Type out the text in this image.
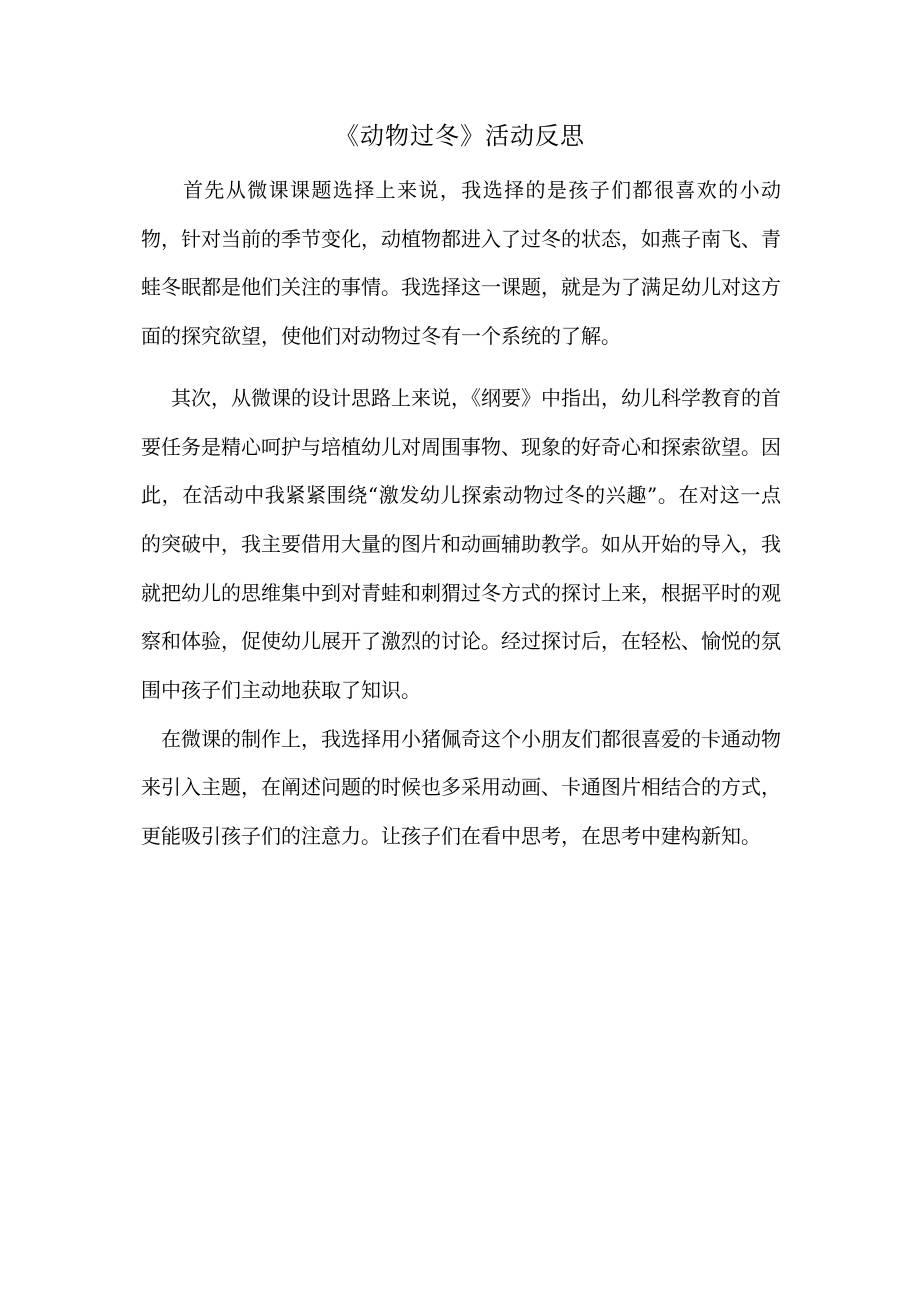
《动物过冬》活动反思

首先从微课课题选择上来说，我选择的是孩子们都很喜欢的小动物，针对当前的季节变化，动植物都进入了过冬的状态，如燕子南飞、青蛙冬眠都是他们关注的事情。我选择这一课题，就是为了满足幼儿对这方面的探究欲望，使他们对动物过冬有一个系统的了解。

其次，从微课的设计思路上来说，《纲要》中指出，幼儿科学教育的首要任务是精心呵护与培植幼儿对周围事物、现象的好奇心和探索欲望。因此，在活动中我紧紧围绕“激发幼儿探索动物过冬的兴趣”。在对这一点的突破中，我主要借用大量的图片和动画辅助教学。如从开始的导入，我就把幼儿的思维集中到对青蛙和刺猬过冬方式的探讨上来，根据平时的观察和体验，促使幼儿展开了激烈的讨论。经过探讨后，在轻松、愉悦的氛围中孩子们主动地获取了知识。

在微课的制作上，我选择用小猪佩奇这个小朋友们都很喜爱的卡通动物来引入主题，在阐述问题的时候也多采用动画、卡通图片相结合的方式，更能吸引孩子们的注意力。让孩子们在看中思考，在思考中建构新知。
